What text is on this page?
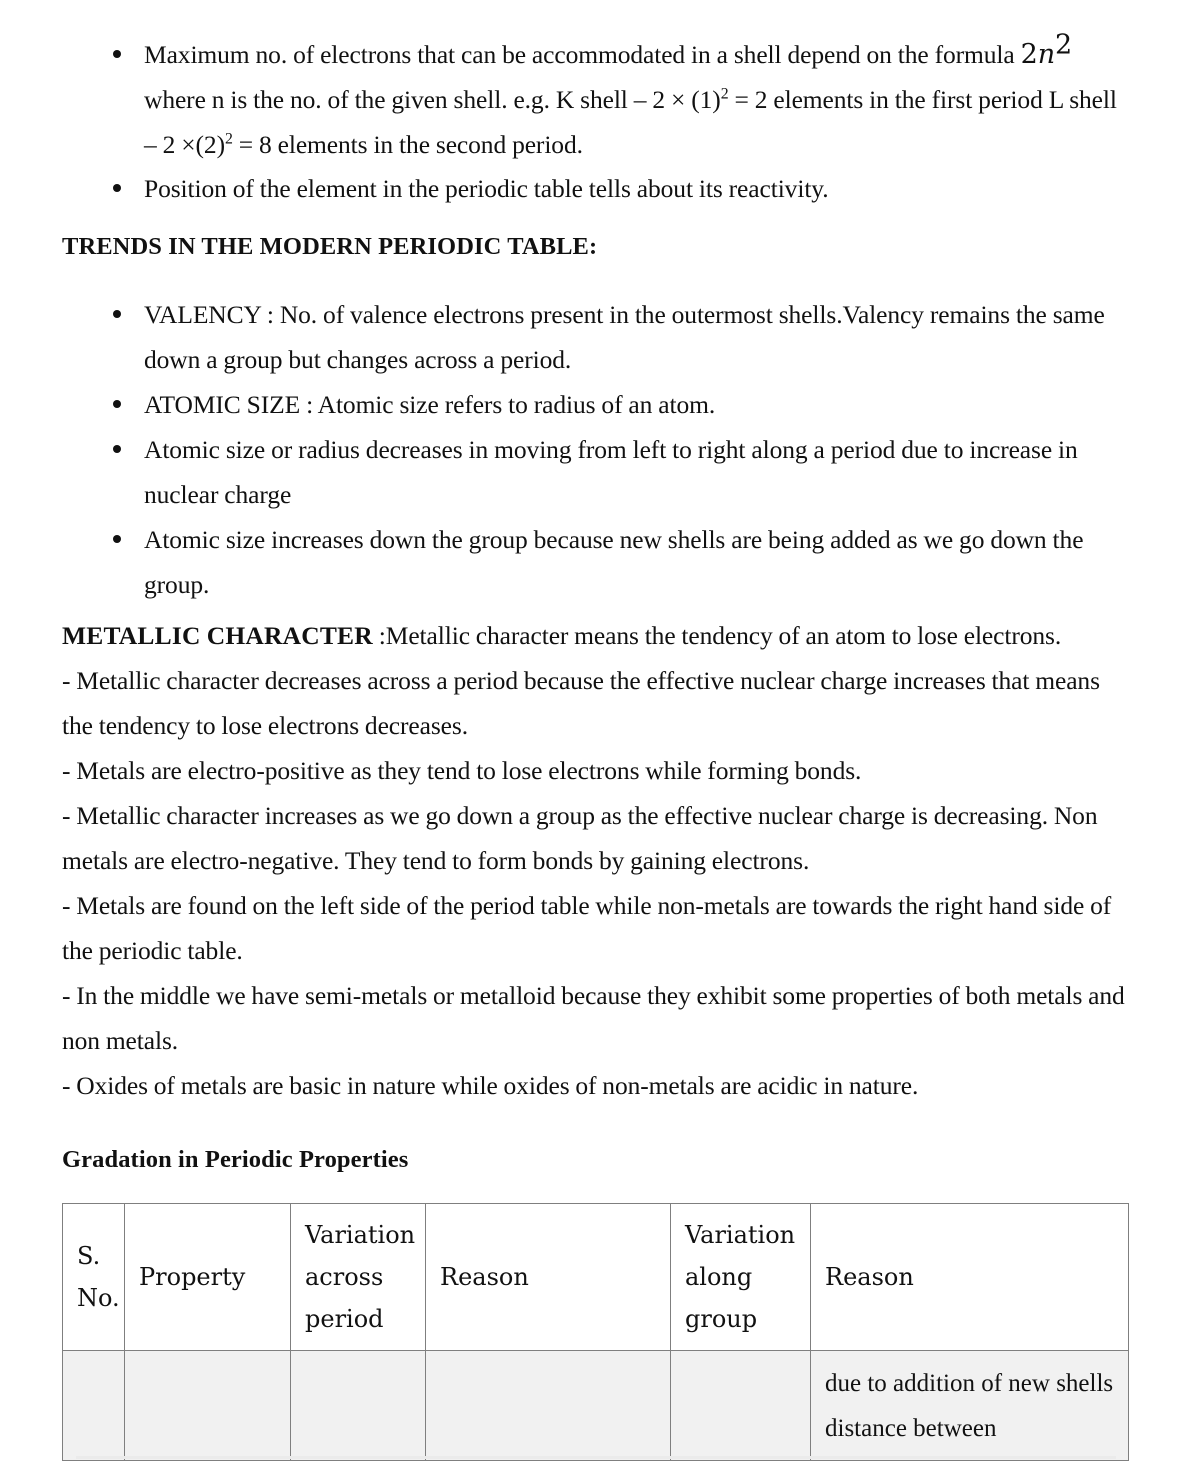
Maximum no. of electrons that can be accommodated in a shell depend on the formula $2n^2$ where n is the no. of the given shell. e.g. K shell – $2 \times (1)^2 = 2$ elements in the first period L shell – $2 \times(2)^2 = 8$ elements in the second period.
Position of the element in the periodic table tells about its reactivity.
TRENDS IN THE MODERN PERIODIC TABLE:
VALENCY : No. of valence electrons present in the outermost shells.Valency remains the same down a group but changes across a period.
ATOMIC SIZE : Atomic size refers to radius of an atom.
Atomic size or radius decreases in moving from left to right along a period due to increase in nuclear charge
Atomic size increases down the group because new shells are being added as we go down the group.

METALLIC CHARACTER :Metallic character means the tendency of an atom to lose electrons.

- Metallic character decreases across a period because the effective nuclear charge increases that means the tendency to lose electrons decreases.

- Metals are electro-positive as they tend to lose electrons while forming bonds.

- Metallic character increases as we go down a group as the effective nuclear charge is decreasing. Non metals are electro-negative. They tend to form bonds by gaining electrons.

- Metals are found on the left side of the period table while non-metals are towards the right hand side of the periodic table.

- In the middle we have semi-metals or metalloid because they exhibit some properties of both metals and non metals.

- Oxides of metals are basic in nature while oxides of non-metals are acidic in nature.

Gradation in Periodic Properties
S. No.	Property	Variation across period	Reason	Variation along group	Reason
					due to addition of new shells distance between
